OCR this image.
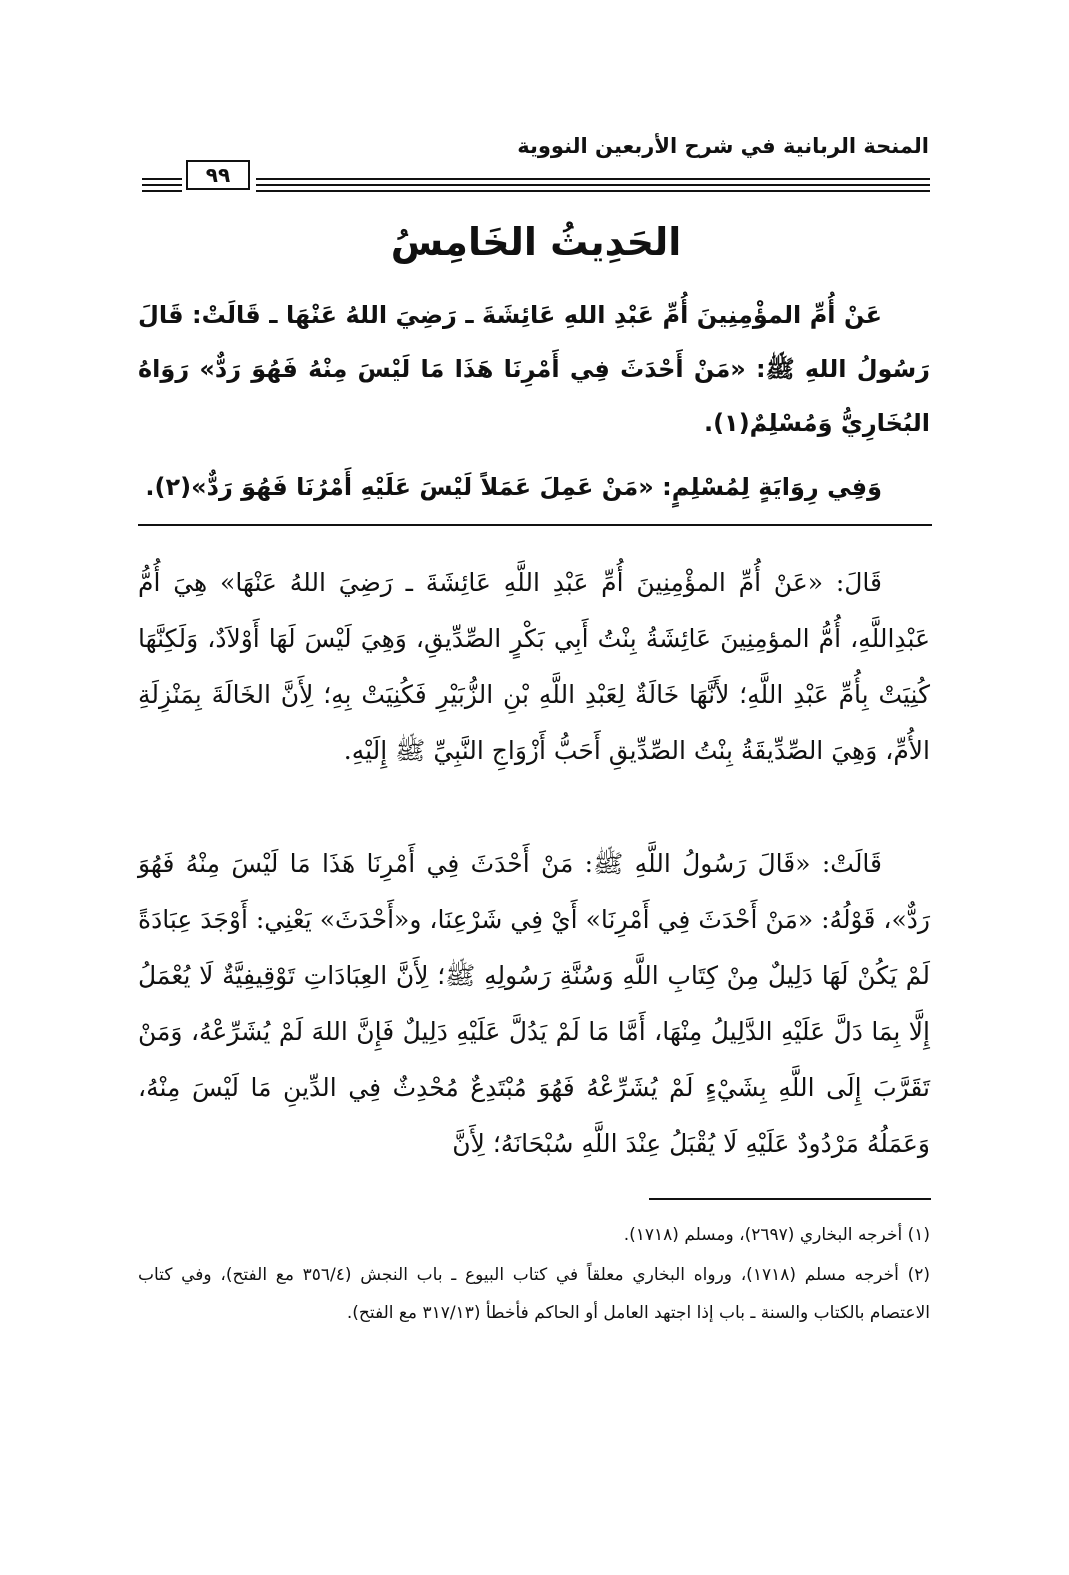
المنحة الربانية في شرح الأربعين النووية
٩٩
الحَدِيثُ الخَامِسُ

عَنْ أُمِّ المؤْمِنِينَ أُمِّ عَبْدِ اللهِ عَائِشَةَ ـ رَضِيَ اللهُ عَنْهَا ـ قَالَتْ: قَالَ رَسُولُ اللهِ ﷺ: «مَنْ أَحْدَثَ فِي أَمْرِنَا هَذَا مَا لَيْسَ مِنْهُ فَهُوَ رَدٌّ» رَوَاهُ البُخَارِيُّ وَمُسْلِمٌ(١).

وَفِي رِوَايَةٍ لِمُسْلِمٍ: «مَنْ عَمِلَ عَمَلاً لَيْسَ عَلَيْهِ أَمْرُنَا فَهُوَ رَدٌّ»(٢).

قَالَ: «عَنْ أُمِّ المؤْمِنِينَ أُمِّ عَبْدِ اللَّهِ عَائِشَةَ ـ رَضِيَ اللهُ عَنْهَا» هِيَ أُمُّ عَبْدِاللَّهِ، أُمُّ المؤمِنِينَ عَائِشَةُ بِنْتُ أَبِي بَكْرٍ الصِّدِّيقِ، وَهِيَ لَيْسَ لَهَا أَوْلاَدٌ، وَلَكِنَّهَا كُنِيَتْ بِأُمِّ عَبْدِ اللَّهِ؛ لأَنَّهَا خَالَةٌ لِعَبْدِ اللَّهِ بْنِ الزُّبَيْرِ فَكُنِيَتْ بِهِ؛ لِأَنَّ الخَالَةَ بِمَنْزِلَةِ الأُمِّ، وَهِيَ الصِّدِّيقَةُ بِنْتُ الصِّدِّيقِ أَحَبُّ أَزْوَاجِ النَّبِيِّ ﷺ إِلَيْهِ.

قَالَتْ: «قَالَ رَسُولُ اللَّهِ ﷺ: مَنْ أَحْدَثَ فِي أَمْرِنَا هَذَا مَا لَيْسَ مِنْهُ فَهُوَ رَدٌّ»، قَوْلُهُ: «مَنْ أَحْدَثَ فِي أَمْرِنَا» أَيْ فِي شَرْعِنَا، و«أَحْدَثَ» يَعْنِي: أَوْجَدَ عِبَادَةً لَمْ يَكُنْ لَهَا دَلِيلٌ مِنْ كِتَابِ اللَّهِ وَسُنَّةِ رَسُولِهِ ﷺ؛ لِأَنَّ العِبَادَاتِ تَوْقِيفِيَّةٌ لَا يُعْمَلُ إِلَّا بِمَا دَلَّ عَلَيْهِ الدَّلِيلُ مِنْهَا، أَمَّا مَا لَمْ يَدُلَّ عَلَيْهِ دَلِيلٌ فَإِنَّ اللهَ لَمْ يُشَرِّعْهُ، وَمَنْ تَقَرَّبَ إِلَى اللَّهِ بِشَيْءٍ لَمْ يُشَرِّعْهُ فَهُوَ مُبْتَدِعٌ مُحْدِثٌ فِي الدِّينِ مَا لَيْسَ مِنْهُ، وَعَمَلُهُ مَرْدُودٌ عَلَيْهِ لَا يُقْبَلُ عِنْدَ اللَّهِ سُبْحَانَهُ؛ لِأَنَّ

(١) أخرجه البخاري (٢٦٩٧)، ومسلم (١٧١٨).

(٢) أخرجه مسلم (١٧١٨)، ورواه البخاري معلقاً في كتاب البيوع ـ باب النجش (٣٥٦/٤ مع الفتح)، وفي كتاب الاعتصام بالكتاب والسنة ـ باب إذا اجتهد العامل أو الحاكم فأخطأ (٣١٧/١٣ مع الفتح).
